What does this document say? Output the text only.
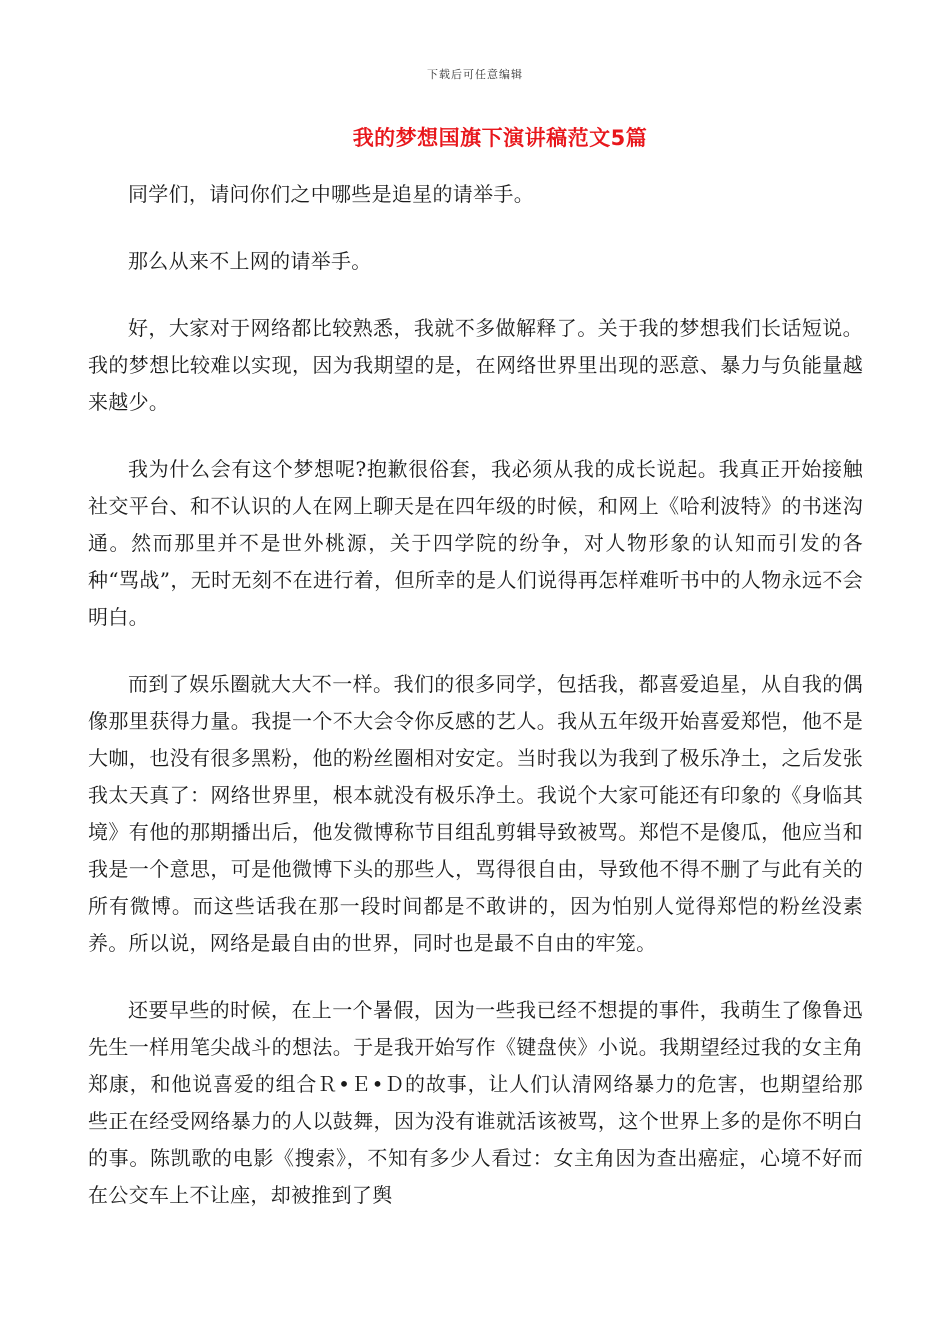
下载后可任意编辑
我的梦想国旗下演讲稿范文5篇

同学们，请问你们之中哪些是追星的请举手。

那么从来不上网的请举手。

好，大家对于网络都比较熟悉，我就不多做解释了。关于我的梦想我们长话短说。我的梦想比较难以实现，因为我期望的是，在网络世界里出现的恶意、暴力与负能量越来越少。

我为什么会有这个梦想呢?抱歉很俗套，我必须从我的成长说起。我真正开始接触社交平台、和不认识的人在网上聊天是在四年级的时候，和网上《哈利波特》的书迷沟通。然而那里并不是世外桃源，关于四学院的纷争，对人物形象的认知而引发的各种“骂战”，无时无刻不在进行着，但所幸的是人们说得再怎样难听书中的人物永远不会明白。

而到了娱乐圈就大大不一样。我们的很多同学，包括我，都喜爱追星，从自我的偶像那里获得力量。我提一个不大会令你反感的艺人。我从五年级开始喜爱郑恺，他不是大咖，也没有很多黑粉，他的粉丝圈相对安定。当时我以为我到了极乐净土，之后发张我太天真了：网络世界里，根本就没有极乐净土。我说个大家可能还有印象的《身临其境》有他的那期播出后，他发微博称节目组乱剪辑导致被骂。郑恺不是傻瓜，他应当和我是一个意思，可是他微博下头的那些人，骂得很自由，导致他不得不删了与此有关的所有微博。而这些话我在那一段时间都是不敢讲的，因为怕别人觉得郑恺的粉丝没素养。所以说，网络是最自由的世界，同时也是最不自由的牢笼。

还要早些的时候，在上一个暑假，因为一些我已经不想提的事件，我萌生了像鲁迅先生一样用笔尖战斗的想法。于是我开始写作《键盘侠》小说。我期望经过我的女主角郑康，和他说喜爱的组合Ｒ•Ｅ•Ｄ的故事，让人们认清网络暴力的危害，也期望给那些正在经受网络暴力的人以鼓舞，因为没有谁就活该被骂，这个世界上多的是你不明白的事。陈凯歌的电影《搜索》，不知有多少人看过：女主角因为查出癌症，心境不好而在公交车上不让座，却被推到了舆
